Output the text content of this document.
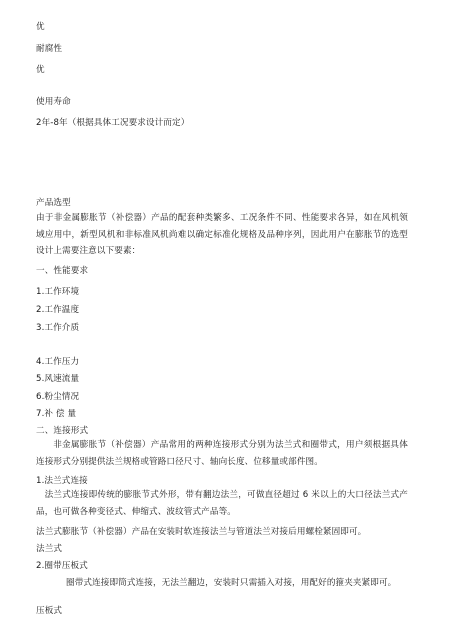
优
耐腐性
优
使用寿命
2年-8年（根据具体工况要求设计而定）
产品选型
由于非金属膨胀节（补偿器）产品的配套种类繁多、工况条件不同、性能要求各异，如在风机领域应用中，新型风机和非标准风机尚难以确定标准化规格及品种序列，因此用户在膨胀节的选型设计上需要注意以下要素：
一、性能要求
1.工作环境
2.工作温度
3.工作介质
4.工作压力
5.风速流量
6.粉尘情况
7.补 偿 量
二、连接形式
非金属膨胀节（补偿器）产品常用的两种连接形式分别为法兰式和圈带式，用户须根据具体连接形式分别提供法兰规格或管路口径尺寸、轴向长度、位移量或部件图。
1.法兰式连接
法兰式连接即传统的膨胀节式外形，带有翻边法兰，可做直径超过 6 米以上的大口径法兰式产品，也可做各种变径式、伸缩式、波纹管式产品等。
法兰式膨胀节（补偿器）产品在安装时软连接法兰与管道法兰对接后用螺栓紧固即可。
法兰式
2.圈带压板式
圈带式连接即筒式连接，无法兰翻边，安装时只需插入对接，用配好的箍夹夹紧即可。
压板式
